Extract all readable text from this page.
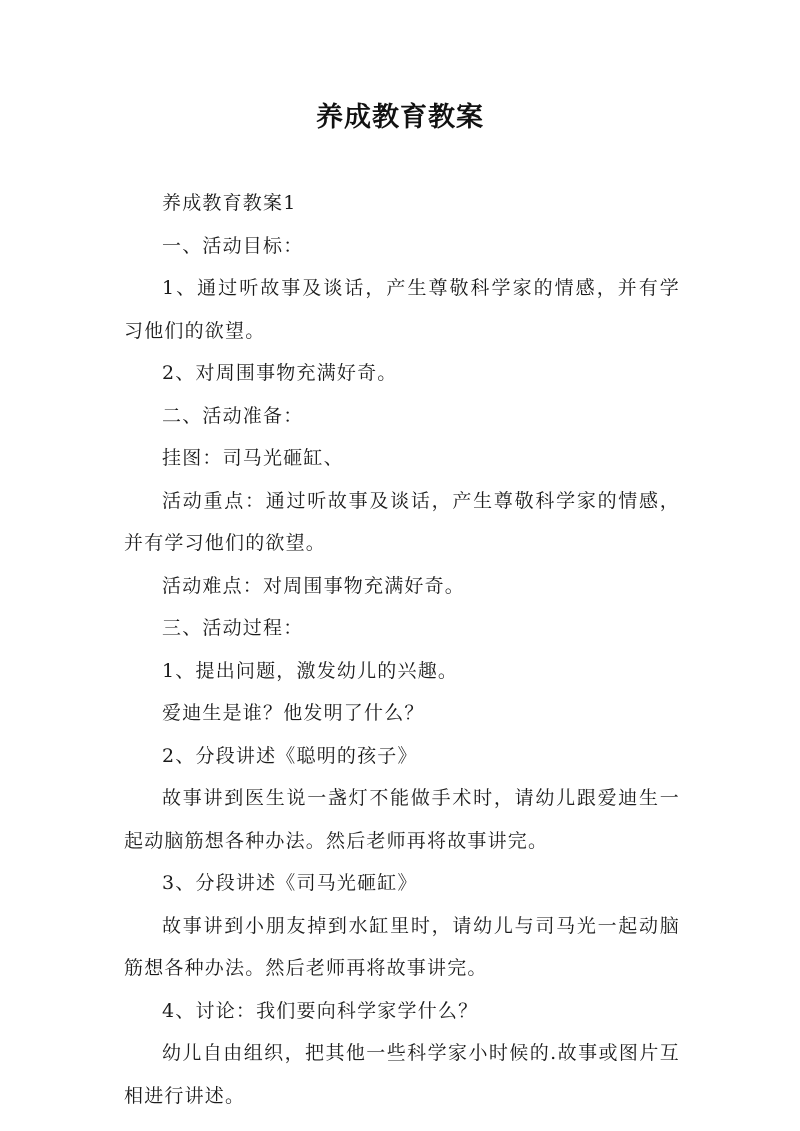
养成教育教案

养成教育教案1

一、活动目标：

1、通过听故事及谈话，产生尊敬科学家的情感，并有学习他们的欲望。

2、对周围事物充满好奇。

二、活动准备：

挂图：司马光砸缸、

活动重点：通过听故事及谈话，产生尊敬科学家的情感，并有学习他们的欲望。

活动难点：对周围事物充满好奇。

三、活动过程：

1、提出问题，激发幼儿的兴趣。

爱迪生是谁？他发明了什么？

2、分段讲述《聪明的孩子》

故事讲到医生说一盏灯不能做手术时，请幼儿跟爱迪生一起动脑筋想各种办法。然后老师再将故事讲完。

3、分段讲述《司马光砸缸》

故事讲到小朋友掉到水缸里时，请幼儿与司马光一起动脑筋想各种办法。然后老师再将故事讲完。

4、讨论：我们要向科学家学什么？

幼儿自由组织，把其他一些科学家小时候的.故事或图片互相进行讲述。
